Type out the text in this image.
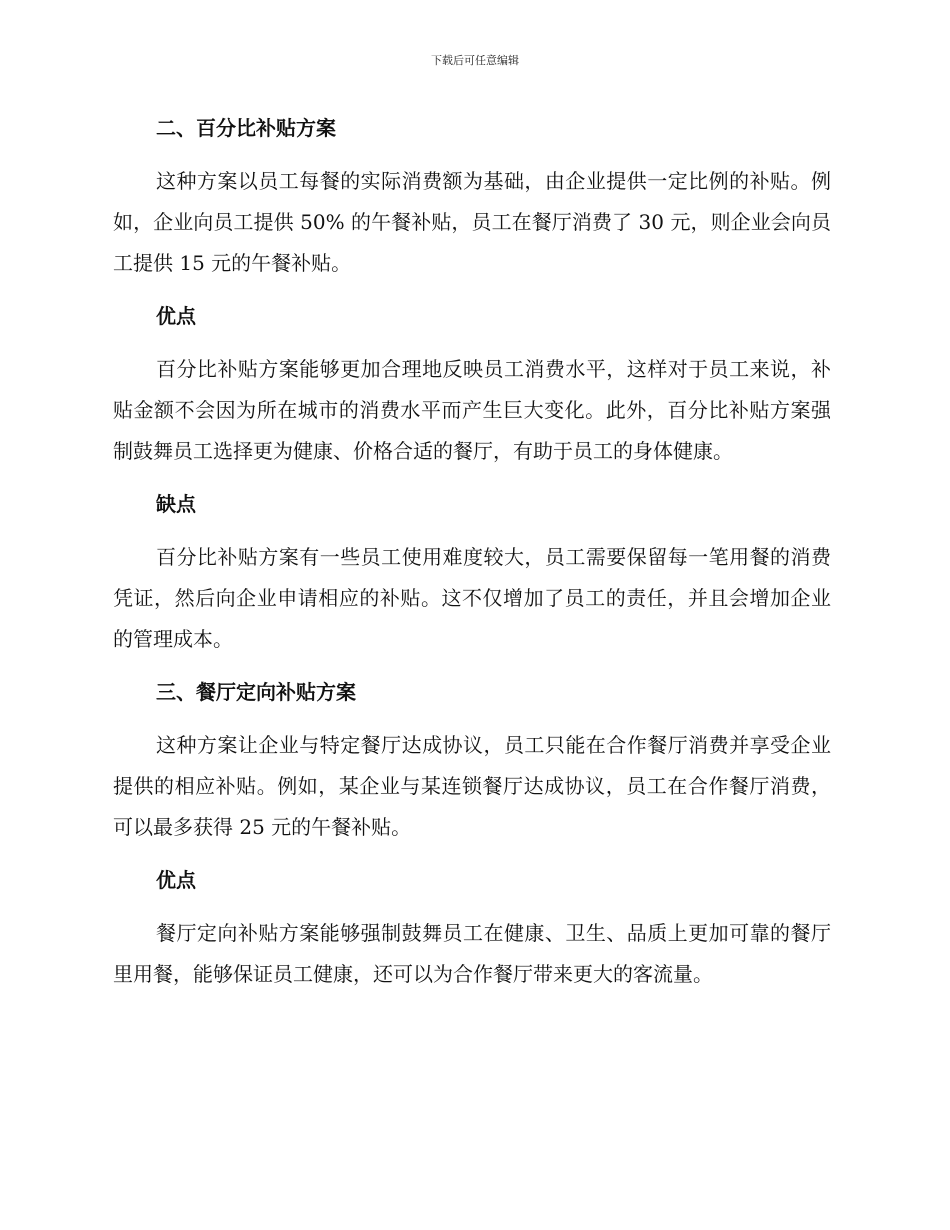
下载后可任意编辑
二、百分比补贴方案

这种方案以员工每餐的实际消费额为基础，由企业提供一定比例的补贴。例如，企业向员工提供 50% 的午餐补贴，员工在餐厅消费了 30 元，则企业会向员工提供 15 元的午餐补贴。

优点

百分比补贴方案能够更加合理地反映员工消费水平，这样对于员工来说，补贴金额不会因为所在城市的消费水平而产生巨大变化。此外，百分比补贴方案强制鼓舞员工选择更为健康、价格合适的餐厅，有助于员工的身体健康。

缺点

百分比补贴方案有一些员工使用难度较大，员工需要保留每一笔用餐的消费凭证，然后向企业申请相应的补贴。这不仅增加了员工的责任，并且会增加企业的管理成本。

三、餐厅定向补贴方案

这种方案让企业与特定餐厅达成协议，员工只能在合作餐厅消费并享受企业提供的相应补贴。例如，某企业与某连锁餐厅达成协议，员工在合作餐厅消费，可以最多获得 25 元的午餐补贴。

优点

餐厅定向补贴方案能够强制鼓舞员工在健康、卫生、品质上更加可靠的餐厅里用餐，能够保证员工健康，还可以为合作餐厅带来更大的客流量。
